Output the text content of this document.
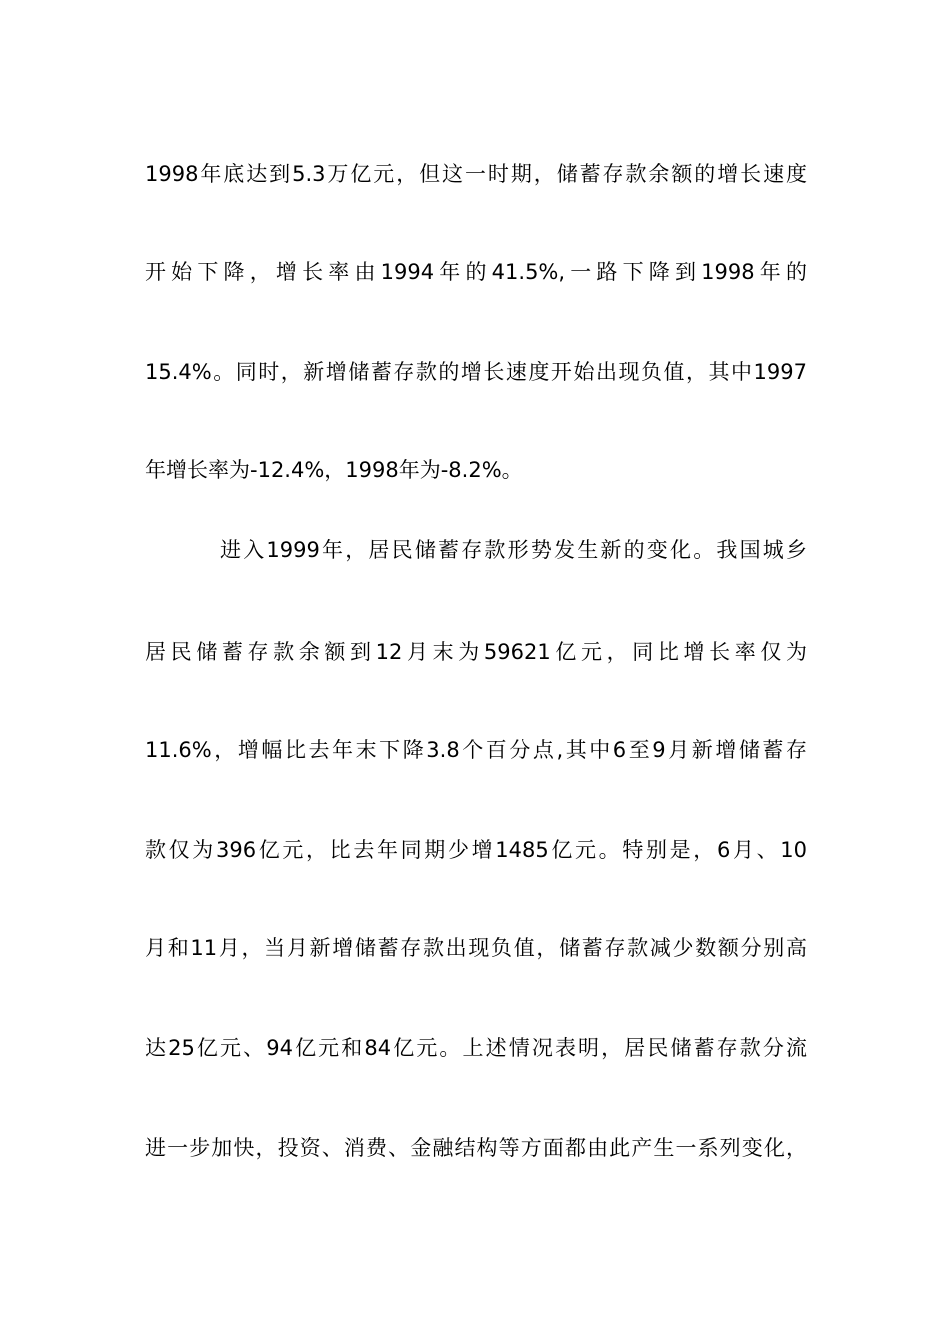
1998年底达到5.3万亿元，但这一时期，储蓄存款余额的增长速度

开始下降，增长率由1994年的41.5%,一路下降到1998年的

15.4%。同时，新增储蓄存款的增长速度开始出现负值，其中1997

年增长率为-12.4%，1998年为-8.2%。

进入1999年，居民储蓄存款形势发生新的变化。我国城乡

居民储蓄存款余额到12月末为59621亿元，同比增长率仅为

11.6%，增幅比去年末下降3.8个百分点,其中6至9月新增储蓄存

款仅为396亿元，比去年同期少增1485亿元。特别是，6月、10

月和11月，当月新增储蓄存款出现负值，储蓄存款减少数额分别高

达25亿元、94亿元和84亿元。上述情况表明，居民储蓄存款分流

进一步加快，投资、消费、金融结构等方面都由此产生一系列变化，
